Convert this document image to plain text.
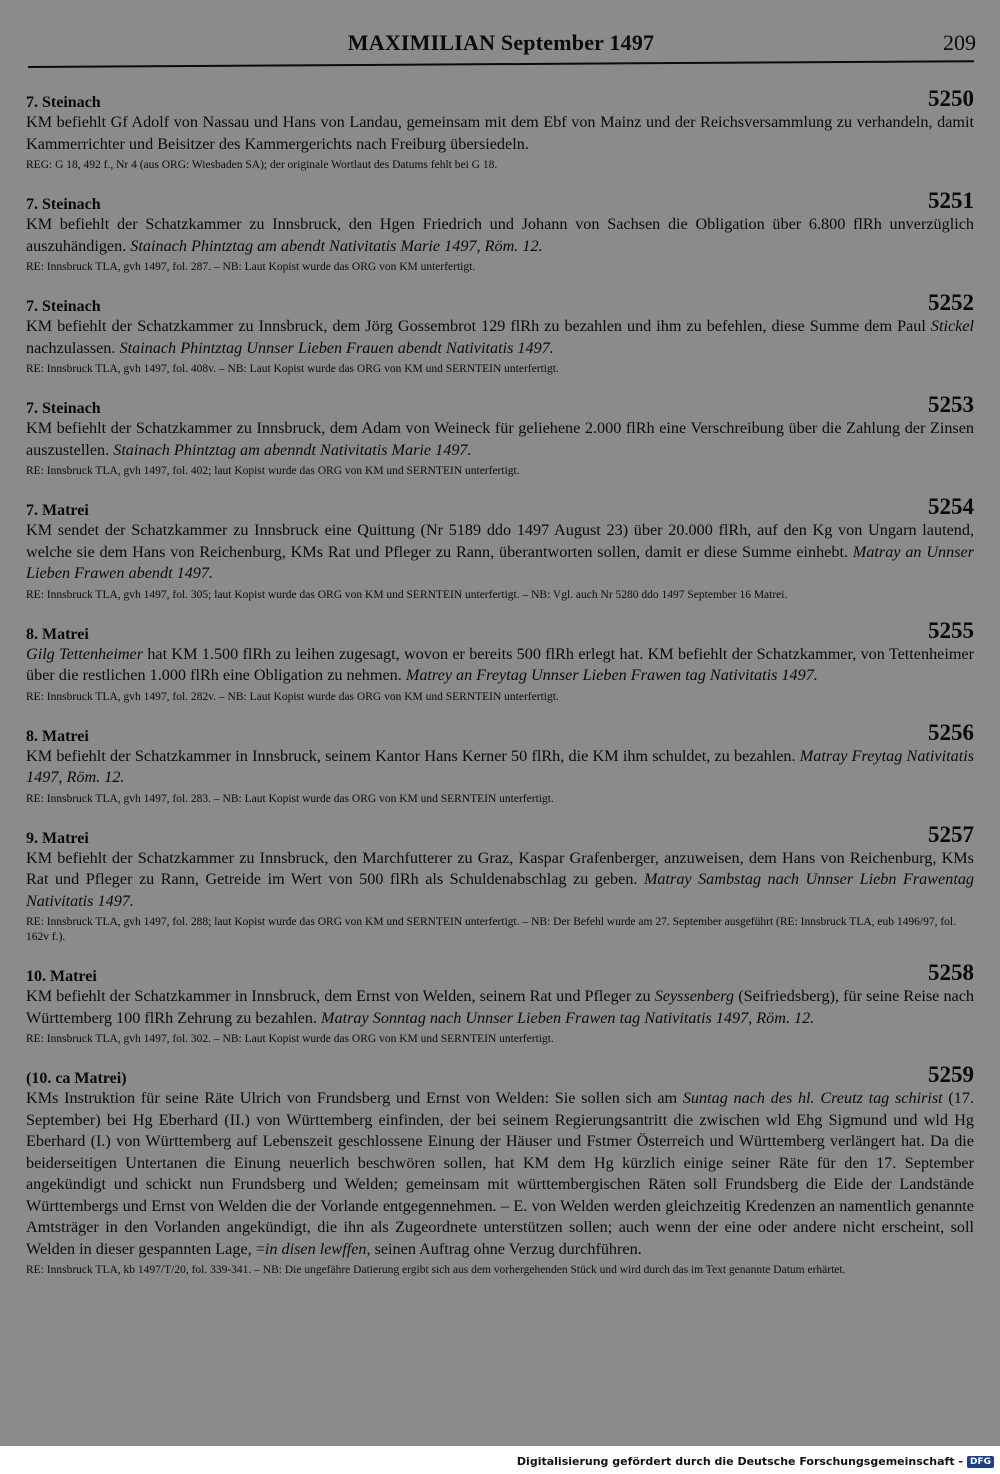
MAXIMILIAN September 1497	209
7. Steinach	5250

KM befiehlt Gf Adolf von Nassau und Hans von Landau, gemeinsam mit dem Ebf von Mainz und der Reichsversammlung zu verhandeln, damit Kammerrichter und Beisitzer des Kammergerichts nach Freiburg übersiedeln.

REG: G 18, 492 f., Nr 4 (aus ORG: Wiesbaden SA); der originale Wortlaut des Datums fehlt bei G 18.

7. Steinach	5251

KM befiehlt der Schatzkammer zu Innsbruck, den Hgen Friedrich und Johann von Sachsen die Obligation über 6.800 flRh unverzüglich auszuhändigen. Stainach Phintztag am abendt Nativitatis Marie 1497, Röm. 12.

RE: Innsbruck TLA, gvh 1497, fol. 287. – NB: Laut Kopist wurde das ORG von KM unterfertigt.

7. Steinach	5252

KM befiehlt der Schatzkammer zu Innsbruck, dem Jörg Gossembrot 129 flRh zu bezahlen und ihm zu befehlen, diese Summe dem Paul Stickel nachzulassen. Stainach Phintztag Unnser Lieben Frauen abendt Nativitatis 1497.

RE: Innsbruck TLA, gvh 1497, fol. 408v. – NB: Laut Kopist wurde das ORG von KM und SERNTEIN unterfertigt.

7. Steinach	5253

KM befiehlt der Schatzkammer zu Innsbruck, dem Adam von Weineck für geliehene 2.000 flRh eine Verschreibung über die Zahlung der Zinsen auszustellen. Stainach Phintztag am abenndt Nativitatis Marie 1497.

RE: Innsbruck TLA, gvh 1497, fol. 402; laut Kopist wurde das ORG von KM und SERNTEIN unterfertigt.

7. Matrei	5254

KM sendet der Schatzkammer zu Innsbruck eine Quittung (Nr 5189 ddo 1497 August 23) über 20.000 flRh, auf den Kg von Ungarn lautend, welche sie dem Hans von Reichenburg, KMs Rat und Pfleger zu Rann, überantworten sollen, damit er diese Summe einhebt. Matray an Unnser Lieben Frawen abendt 1497.

RE: Innsbruck TLA, gvh 1497, fol. 305; laut Kopist wurde das ORG von KM und SERNTEIN unterfertigt. – NB: Vgl. auch Nr 5280 ddo 1497 September 16 Matrei.

8. Matrei	5255

Gilg Tettenheimer hat KM 1.500 flRh zu leihen zugesagt, wovon er bereits 500 flRh erlegt hat. KM befiehlt der Schatzkammer, von Tettenheimer über die restlichen 1.000 flRh eine Obligation zu nehmen. Matrey an Freytag Unnser Lieben Frawen tag Nativitatis 1497.

RE: Innsbruck TLA, gvh 1497, fol. 282v. – NB: Laut Kopist wurde das ORG von KM und SERNTEIN unterfertigt.

8. Matrei	5256

KM befiehlt der Schatzkammer in Innsbruck, seinem Kantor Hans Kerner 50 flRh, die KM ihm schuldet, zu bezahlen. Matray Freytag Nativitatis 1497, Röm. 12.

RE: Innsbruck TLA, gvh 1497, fol. 283. – NB: Laut Kopist wurde das ORG von KM und SERNTEIN unterfertigt.

9. Matrei	5257

KM befiehlt der Schatzkammer zu Innsbruck, den Marchfutterer zu Graz, Kaspar Grafenberger, anzuweisen, dem Hans von Reichenburg, KMs Rat und Pfleger zu Rann, Getreide im Wert von 500 flRh als Schuldenabschlag zu geben. Matray Sambstag nach Unnser Liebn Frawentag Nativitatis 1497.

RE: Innsbruck TLA, gvh 1497, fol. 288; laut Kopist wurde das ORG von KM und SERNTEIN unterfertigt. – NB: Der Befehl wurde am 27. September ausgeführt (RE: Innsbruck TLA, eub 1496/97, fol. 162v f.).

10. Matrei	5258

KM befiehlt der Schatzkammer in Innsbruck, dem Ernst von Welden, seinem Rat und Pfleger zu Seyssenberg (Seifriedsberg), für seine Reise nach Württemberg 100 flRh Zehrung zu bezahlen. Matray Sonntag nach Unnser Lieben Frawen tag Nativitatis 1497, Röm. 12.

RE: Innsbruck TLA, gvh 1497, fol. 302. – NB: Laut Kopist wurde das ORG von KM und SERNTEIN unterfertigt.

(10. ca Matrei)	5259

KMs Instruktion für seine Räte Ulrich von Frundsberg und Ernst von Welden: Sie sollen sich am Suntag nach des hl. Creutz tag schirist (17. September) bei Hg Eberhard (II.) von Württemberg einfinden, der bei seinem Regierungsantritt die zwischen wld Ehg Sigmund und wld Hg Eberhard (I.) von Württemberg auf Lebenszeit geschlossene Einung der Häuser und Fstmer Österreich und Württemberg verlängert hat. Da die beiderseitigen Untertanen die Einung neuerlich beschwören sollen, hat KM dem Hg kürzlich einige seiner Räte für den 17. September angekündigt und schickt nun Frundsberg und Welden; gemeinsam mit württembergischen Räten soll Frundsberg die Eide der Landstände Württembergs und Ernst von Welden die der Vorlande entgegennehmen. – E. von Welden werden gleichzeitig Kredenzen an namentlich genannte Amtsträger in den Vorlanden angekündigt, die ihn als Zugeordnete unterstützen sollen; auch wenn der eine oder andere nicht erscheint, soll Welden in dieser gespannten Lage, =in disen lewffen, seinen Auftrag ohne Verzug durchführen.

RE: Innsbruck TLA, kb 1497/T/20, fol. 339-341. – NB: Die ungefähre Datierung ergibt sich aus dem vorhergehenden Stück und wird durch das im Text genannte Datum erhärtet.

Digitalisierung gefördert durch die Deutsche Forschungsgemeinschaft - DFG
